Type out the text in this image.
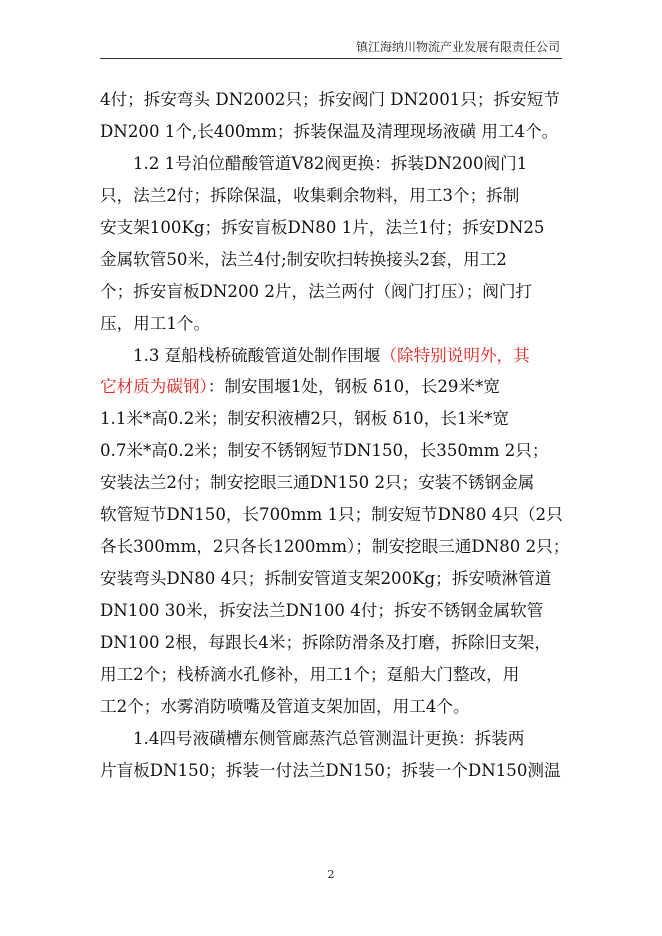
镇江海纳川物流产业发展有限责任公司
4付；拆安弯头 DN2002只；拆安阀门 DN2001只；拆安短节
DN200 1个,长400mm；拆装保温及清理现场液磺 用工4个。
1.2 1号泊位醋酸管道V82阀更换：拆装DN200阀门1
只，法兰2付；拆除保温，收集剩余物料，用工3个；拆制
安支架100Kg；拆安盲板DN80 1片，法兰1付；拆安DN25
金属软管50米，法兰4付;制安吹扫转换接头2套，用工2
个；拆安盲板DN200 2片，法兰两付（阀门打压）；阀门打
压，用工1个。
1.3 趸船栈桥硫酸管道处制作围堰（除特别说明外，其
它材质为碳钢）：制安围堰1处，钢板 δ10，长29米*宽
1.1米*高0.2米；制安积液槽2只，钢板 δ10，长1米*宽
0.7米*高0.2米；制安不锈钢短节DN150，长350mm 2只；
安装法兰2付；制安挖眼三通DN150 2只；安装不锈钢金属
软管短节DN150，长700mm 1只；制安短节DN80 4只（2只
各长300mm，2只各长1200mm）；制安挖眼三通DN80 2只；
安装弯头DN80 4只；拆制安管道支架200Kg；拆安喷淋管道
DN100 30米，拆安法兰DN100 4付；拆安不锈钢金属软管
DN100 2根，每跟长4米；拆除防滑条及打磨，拆除旧支架，
用工2个；栈桥滴水孔修补，用工1个；趸船大门整改，用
工2个；水雾消防喷嘴及管道支架加固，用工4个。
1.4四号液磺槽东侧管廊蒸汽总管测温计更换：拆装两
片盲板DN150；拆装一付法兰DN150；拆装一个DN150测温
2
